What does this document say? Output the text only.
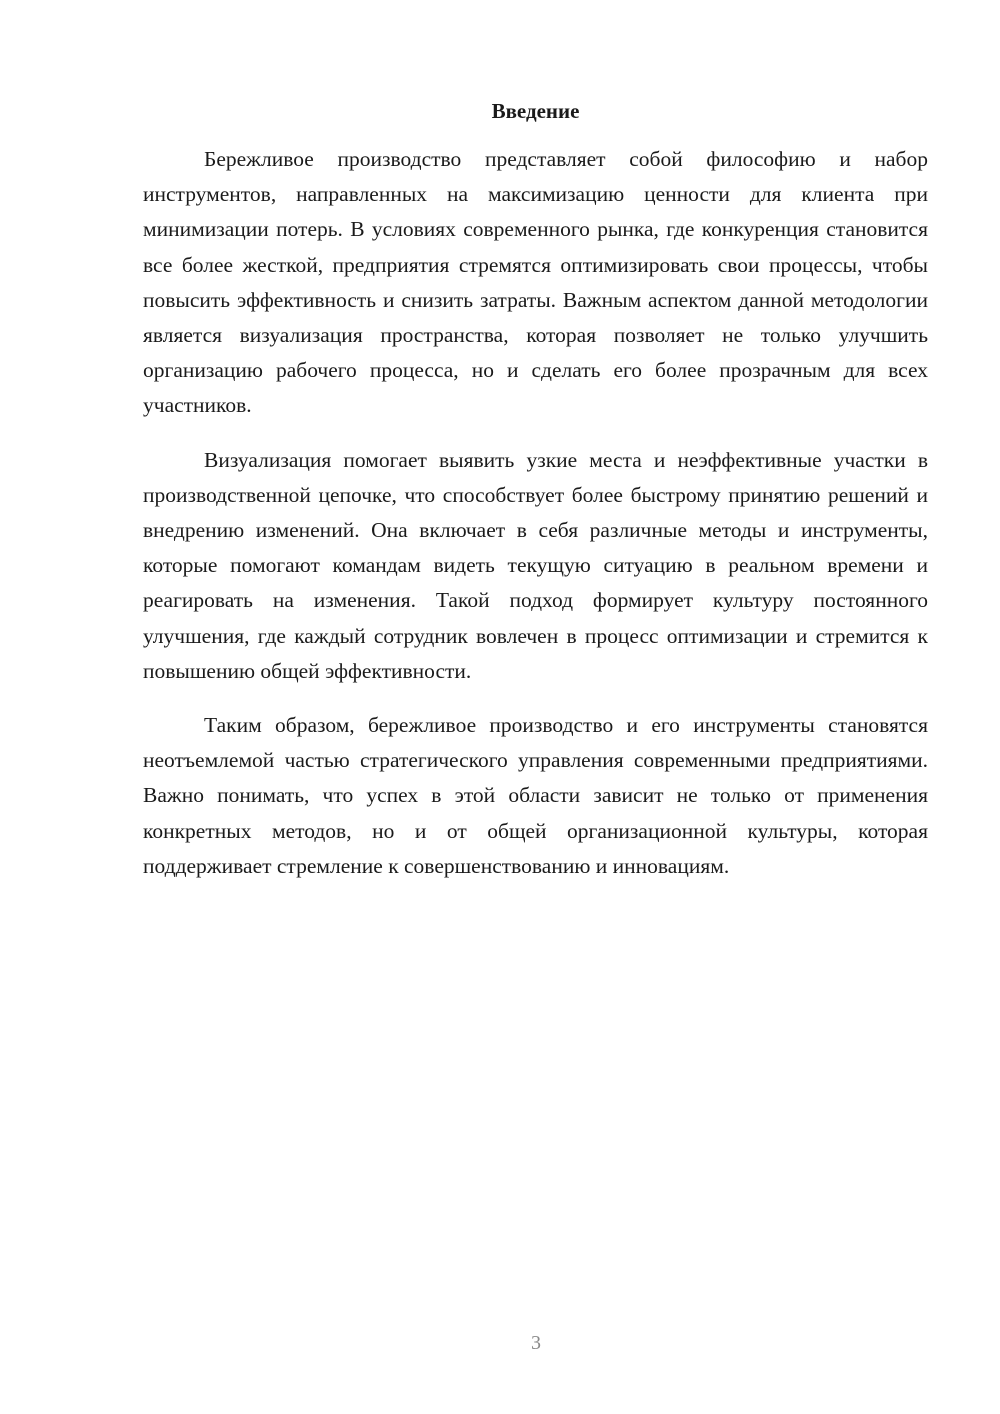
Введение

Бережливое производство представляет собой философию и набор инструментов, направленных на максимизацию ценности для клиента при минимизации потерь. В условиях современного рынка, где конкуренция становится все более жесткой, предприятия стремятся оптимизировать свои процессы, чтобы повысить эффективность и снизить затраты. Важным аспектом данной методологии является визуализация пространства, которая позволяет не только улучшить организацию рабочего процесса, но и сделать его более прозрачным для всех участников.

Визуализация помогает выявить узкие места и неэффективные участки в производственной цепочке, что способствует более быстрому принятию решений и внедрению изменений. Она включает в себя различные методы и инструменты, которые помогают командам видеть текущую ситуацию в реальном времени и реагировать на изменения. Такой подход формирует культуру постоянного улучшения, где каждый сотрудник вовлечен в процесс оптимизации и стремится к повышению общей эффективности.

Таким образом, бережливое производство и его инструменты становятся неотъемлемой частью стратегического управления современными предприятиями. Важно понимать, что успех в этой области зависит не только от применения конкретных методов, но и от общей организационной культуры, которая поддерживает стремление к совершенствованию и инновациям.

3
